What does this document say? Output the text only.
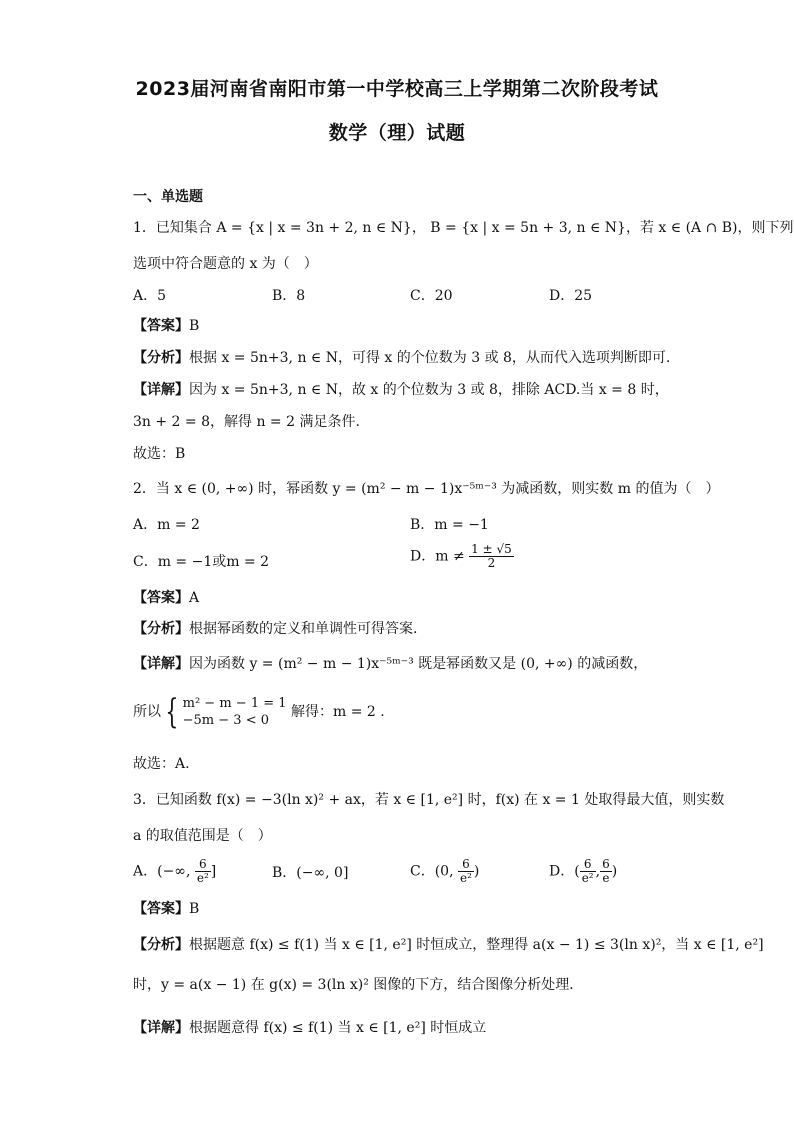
2023届河南省南阳市第一中学校高三上学期第二次阶段考试
数学（理）试题
一、单选题
1．已知集合 A = {x | x = 3n + 2, n ∈ N}， B = {x | x = 5n + 3, n ∈ N}，若 x ∈ (A ∩ B)，则下列
选项中符合题意的 x 为（　）
A．5	B．8	C．20	D．25
【答案】B
【分析】根据 x = 5n+3, n ∈ N，可得 x 的个位数为 3 或 8，从而代入选项判断即可.
【详解】因为 x = 5n+3, n ∈ N，故 x 的个位数为 3 或 8，排除 ACD.当 x = 8 时，
3n + 2 = 8，解得 n = 2 满足条件.
故选：B
2．当 x ∈ (0, +∞) 时，幂函数 y = (m² − m − 1)x⁻⁵ᵐ⁻³ 为减函数，则实数 m 的值为（　）
A．m = 2	B．m = −1
C．m = −1或m = 2	D．$m \ne \frac{1 \pm √5}{2}$
【答案】A
【分析】根据幂函数的定义和单调性可得答案.
【详解】因为函数 y = (m² − m − 1)x⁻⁵ᵐ⁻³ 既是幂函数又是 (0, +∞) 的减函数，
所以 { m² − m − 1 = 1
−5m − 3 < 0
解得：m = 2 .
故选：A.
3．已知函数 f(x) = −3(ln x)² + ax，若 x ∈ [1, e²] 时，f(x) 在 x = 1 处取得最大值，则实数
a 的取值范围是（　）
A．(−∞, $\frac{6}{\text{e²}}$ ]	B．(−∞, 0]	C．(0, $\frac{6}{\text{e²}}$ )	D．( $\frac{6}{\text{e²}}$ , $\frac{6}{e}$ )
【答案】B
【分析】根据题意 f(x) ≤ f(1) 当 x ∈ [1, e²] 时恒成立，整理得 a(x − 1) ≤ 3(ln x)²，当 x ∈ [1, e²]
时，y = a(x − 1) 在 g(x) = 3(ln x)² 图像的下方，结合图像分析处理．
【详解】根据题意得 f(x) ≤ f(1) 当 x ∈ [1, e²] 时恒成立
